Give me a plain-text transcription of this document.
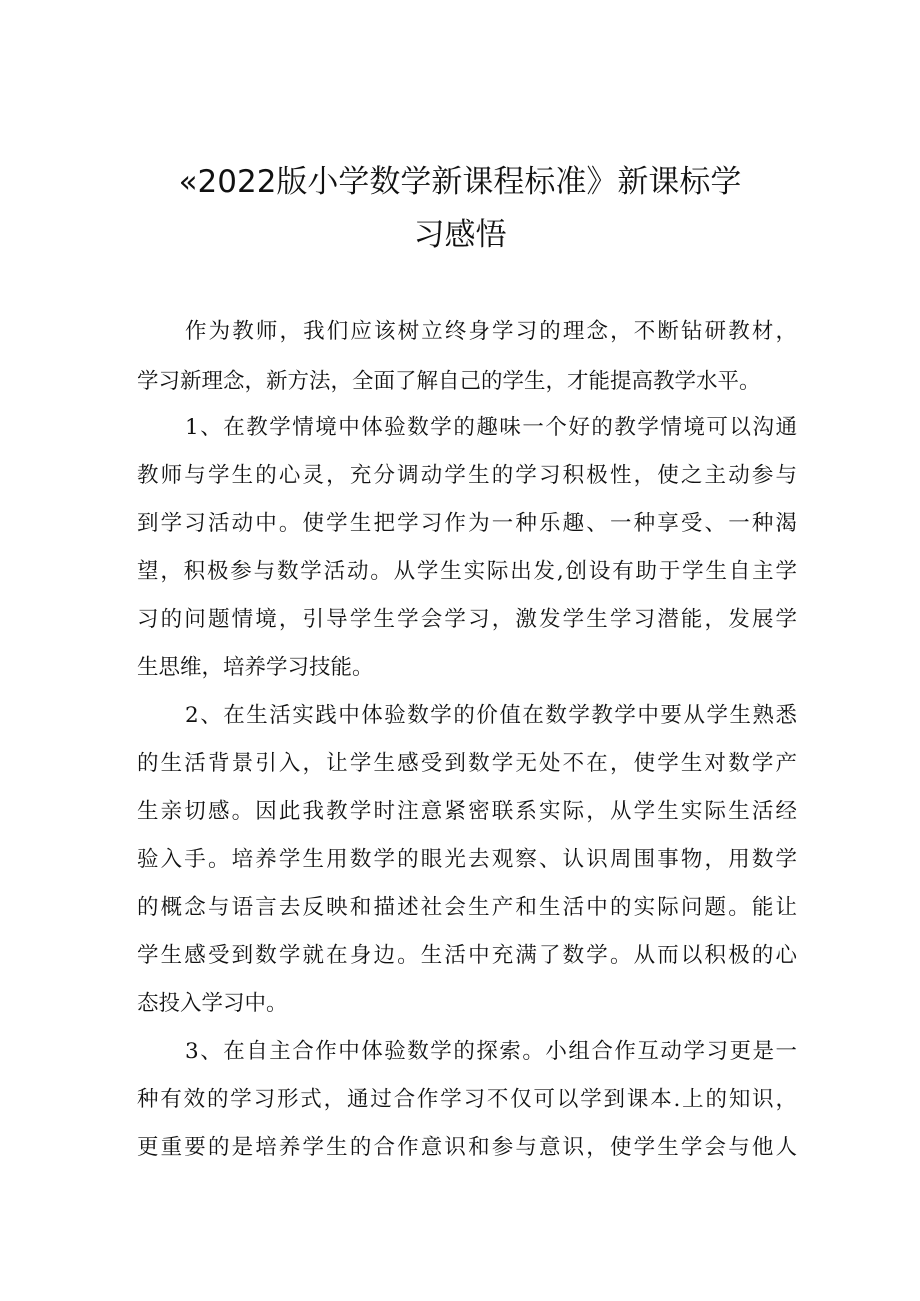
«2022版小学数学新课程标准》新课标学
习感悟

作为教师，我们应该树立终身学习的理念，不断钻研教材，

学习新理念，新方法，全面了解自己的学生，才能提高教学水平。

1、在教学情境中体验数学的趣味一个好的教学情境可以沟通

教师与学生的心灵，充分调动学生的学习积极性，使之主动参与

到学习活动中。使学生把学习作为一种乐趣、一种享受、一种渴

望，积极参与数学活动。从学生实际出发,创设有助于学生自主学

习的问题情境，引导学生学会学习，激发学生学习潜能，发展学

生思维，培养学习技能。

2、在生活实践中体验数学的价值在数学教学中要从学生熟悉

的生活背景引入，让学生感受到数学无处不在，使学生对数学产

生亲切感。因此我教学时注意紧密联系实际，从学生实际生活经

验入手。培养学生用数学的眼光去观察、认识周围事物，用数学

的概念与语言去反映和描述社会生产和生活中的实际问题。能让

学生感受到数学就在身边。生活中充满了数学。从而以积极的心

态投入学习中。

3、在自主合作中体验数学的探索。小组合作互动学习更是一

种有效的学习形式，通过合作学习不仅可以学到课本.上的知识，

更重要的是培养学生的合作意识和参与意识，使学生学会与他人
